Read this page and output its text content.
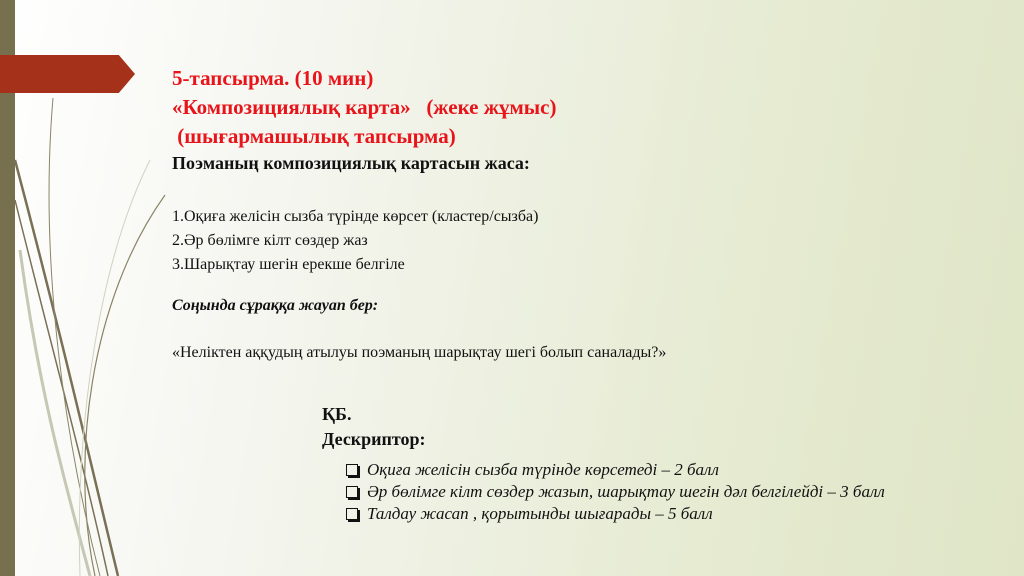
5-тапсырма. (10 мин)
«Композициялық карта»   (жеке жұмыс)
(шығармашылық тапсырма)
Поэманың композициялық картасын жаса:
1.Оқиға желісін сызба түрінде көрсет (кластер/сызба)
2.Әр бөлімге кілт сөздер жаз
3.Шарықтау шегін ерекше белгіле
Соңында сұраққа жауап бер:
«Неліктен аққудың атылуы поэманың шарықтау шегі болып саналады?»
ҚБ.
Дескриптор:
Оқиға желісін сызба түрінде көрсетеді – 2 балл
Әр бөлімге кілт сөздер жазып, шарықтау шегін дәл белгілейді – 3 балл
Талдау жасап , қорытынды шығарады – 5 балл
